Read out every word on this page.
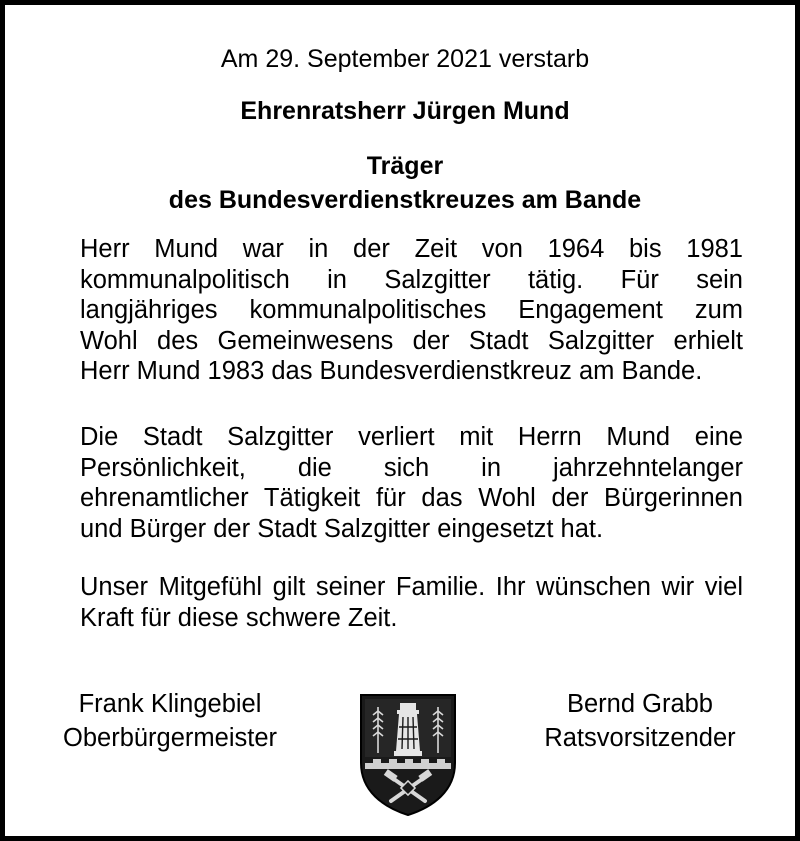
Am 29. September 2021 verstarb
Ehrenratsherr Jürgen Mund
Träger
des Bundesverdienstkreuzes am Bande
Herr Mund war in der Zeit von 1964 bis 1981
kommunalpolitisch in Salzgitter tätig. Für sein
langjähriges kommunalpolitisches Engagement zum
Wohl des Gemeinwesens der Stadt Salzgitter erhielt
Herr Mund 1983 das Bundesverdienstkreuz am Bande.
Die Stadt Salzgitter verliert mit Herrn Mund eine
Persönlichkeit, die sich in jahrzehntelanger
ehrenamtlicher Tätigkeit für das Wohl der Bürgerinnen
und Bürger der Stadt Salzgitter eingesetzt hat.
Unser Mitgefühl gilt seiner Familie. Ihr wünschen wir viel
Kraft für diese schwere Zeit.
Frank Klingebiel
Oberbürgermeister
Bernd Grabb
Ratsvorsitzender
